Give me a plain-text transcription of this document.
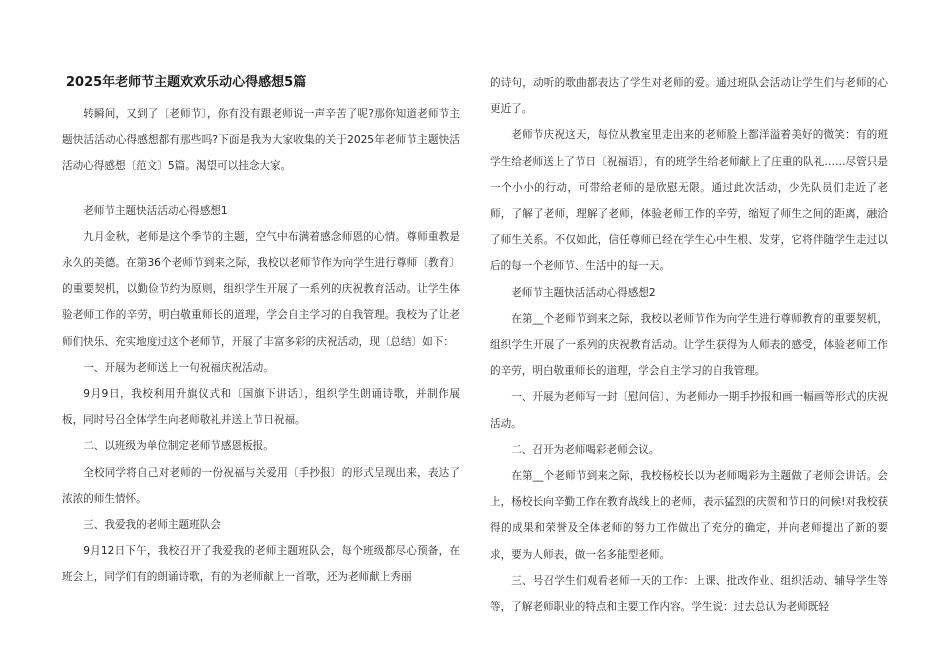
2025年老师节主题欢欢乐动心得感想5篇

转瞬间，又到了〔老师节〕，你有没有跟老师说一声辛苦了呢?那你知道老师节主题快活活动心得感想都有那些吗?下面是我为大家收集的关于2025年老师节主题快活活动心得感想〔范文〕5篇。渴望可以挂念大家。

老师节主题快活活动心得感想1

九月金秋，老师是这个季节的主题，空气中布满着感念师恩的心情。尊师重教是永久的美德。在第36个老师节到来之际，我校以老师节作为向学生进行尊师〔教育〕的重要契机，以勤俭节约为原则，组织学生开展了一系列的庆祝教育活动。让学生体验老师工作的辛劳，明白敬重师长的道理，学会自主学习的自我管理。我校为了让老师们快乐、充实地度过这个老师节，开展了丰富多彩的庆祝活动，现〔总结〕如下：

一、开展为老师送上一句祝福庆祝活动。

9月9日，我校利用升旗仪式和〔国旗下讲话〕，组织学生朗诵诗歌，并制作展板，同时号召全体学生向老师敬礼并送上节日祝福。

二、以班级为单位制定老师节感恩板报。

全校同学将自己对老师的一份祝福与关爱用〔手抄报〕的形式呈现出来，表达了浓浓的师生情怀。

三、我爱我的老师主题班队会

9月12日下午，我校召开了我爱我的老师主题班队会，每个班级都尽心预备，在班会上，同学们有的朗诵诗歌，有的为老师献上一首歌，还为老师献上秀丽

的诗句，动听的歌曲都表达了学生对老师的爱。通过班队会活动让学生们与老师的心更近了。

老师节庆祝这天，每位从教室里走出来的老师脸上都洋溢着美好的微笑：有的班学生给老师送上了节日〔祝福语〕，有的班学生给老师献上了庄重的队礼……尽管只是一个小小的行动，可带给老师的是欣慰无限。通过此次活动，少先队员们走近了老师，了解了老师，理解了老师，体验老师工作的辛劳，缩短了师生之间的距离，融洽了师生关系。不仅如此，信任尊师已经在学生心中生根、发芽，它将伴随学生走过以后的每一个老师节、生活中的每一天。

老师节主题快活活动心得感想2

在第__个老师节到来之际，我校以老师节作为向学生进行尊师教育的重要契机，组织学生开展了一系列的庆祝教育活动。让学生获得为人师表的感受，体验老师工作的辛劳，明白敬重师长的道理，学会自主学习的自我管理。

一、开展为老师写一封〔慰问信〕、为老师办一期手抄报和画一幅画等形式的庆祝活动。

二、召开为老师喝彩老师会议。

在第__个老师节到来之际，我校杨校长以为老师喝彩为主题做了老师会讲话。会上，杨校长向辛勤工作在教育战线上的老师，表示猛烈的庆贺和节日的问候!对我校获得的成果和荣誉及全体老师的努力工作做出了充分的确定，并向老师提出了新的要求，要为人师表，做一名多能型老师。

三、号召学生们观看老师一天的工作：上课、批改作业、组织活动、辅导学生等等，了解老师职业的特点和主要工作内容。学生说：过去总认为老师既轻
